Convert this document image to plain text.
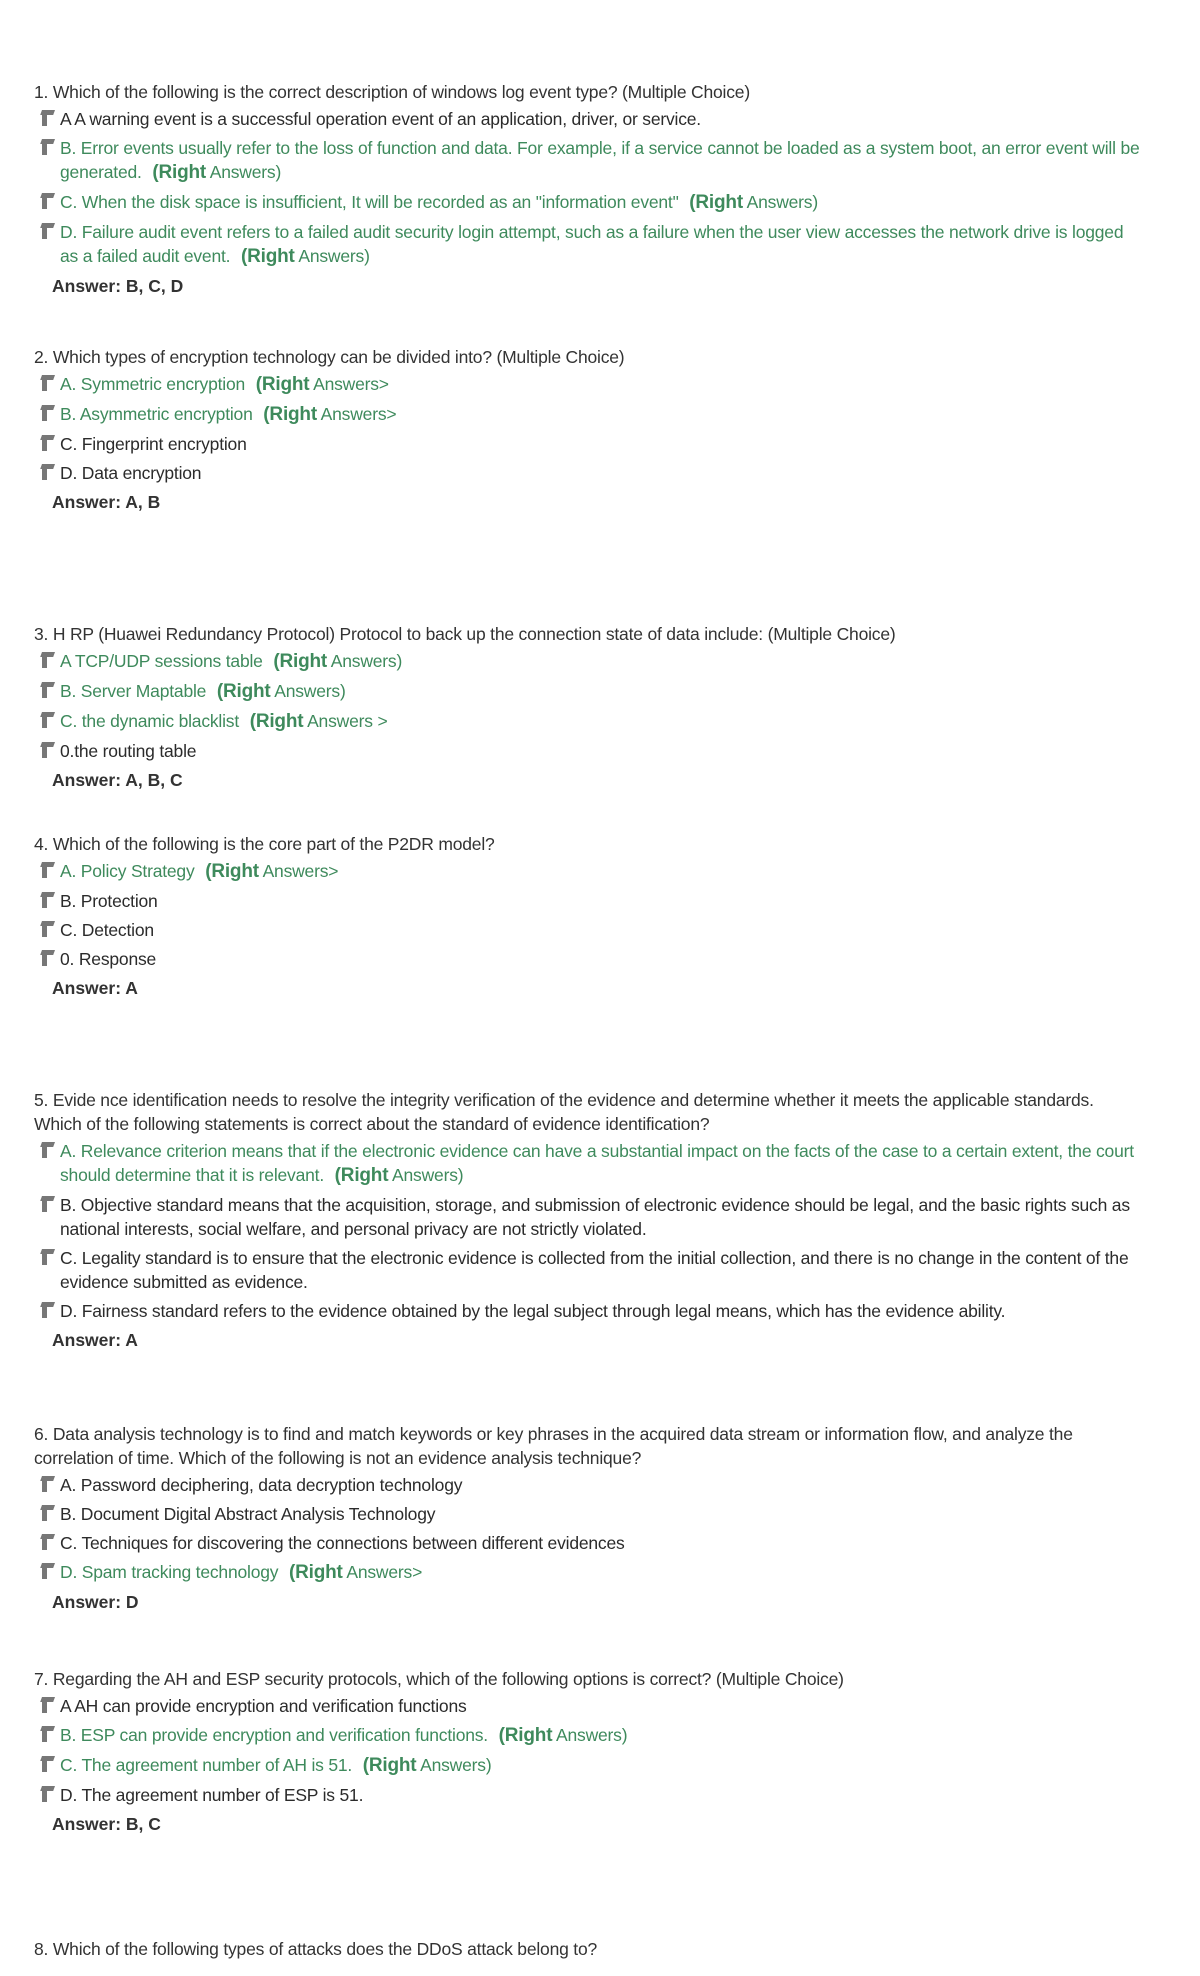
1. Which of the following is the correct description of windows log event type? (Multiple Choice)
A A warning event is a successful operation event of an application, driver, or service.
B. Error events usually refer to the loss of function and data. For example, if a service cannot be loaded as a system boot, an error event will be generated. (Right Answers)
C. When the disk space is insufficient, It will be recorded as an "information event" (Right Answers)
D. Failure audit event refers to a failed audit security login attempt, such as a failure when the user view accesses the network drive is logged as a failed audit event. (Right Answers)
Answer: B, C, D
2. Which types of encryption technology can be divided into? (Multiple Choice)
A. Symmetric encryption (Right Answers>
B. Asymmetric encryption (Right Answers>
C. Fingerprint encryption
D. Data encryption
Answer: A, B
3. H RP (Huawei Redundancy Protocol) Protocol to back up the connection state of data include: (Multiple Choice)
A TCP/UDP sessions table (Right Answers)
B. Server Maptable (Right Answers)
C. the dynamic blacklist (Right Answers >
0.the routing table
Answer: A, B, C
4. Which of the following is the core part of the P2DR model?
A. Policy Strategy (Right Answers>
B. Protection
C. Detection
0. Response
Answer: A
5. Evide nce identification needs to resolve the integrity verification of the evidence and determine whether it meets the applicable standards. Which of the following statements is correct about the standard of evidence identification?
A. Relevance criterion means that if the electronic evidence can have a substantial impact on the facts of the case to a certain extent, the court should determine that it is relevant. (Right Answers)
B. Objective standard means that the acquisition, storage, and submission of electronic evidence should be legal, and the basic rights such as national interests, social welfare, and personal privacy are not strictly violated.
C. Legality standard is to ensure that the electronic evidence is collected from the initial collection, and there is no change in the content of the evidence submitted as evidence.
D. Fairness standard refers to the evidence obtained by the legal subject through legal means, which has the evidence ability.
Answer: A
6. Data analysis technology is to find and match keywords or key phrases in the acquired data stream or information flow, and analyze the correlation of time. Which of the following is not an evidence analysis technique?
A. Password deciphering, data decryption technology
B. Document Digital Abstract Analysis Technology
C. Techniques for discovering the connections between different evidences
D. Spam tracking technology (Right Answers>
Answer: D
7. Regarding the AH and ESP security protocols, which of the following options is correct? (Multiple Choice)
A AH can provide encryption and verification functions
B. ESP can provide encryption and verification functions. (Right Answers)
C. The agreement number of AH is 51. (Right Answers)
D. The agreement number of ESP is 51.
Answer: B, C
8. Which of the following types of attacks does the DDoS attack belong to?
